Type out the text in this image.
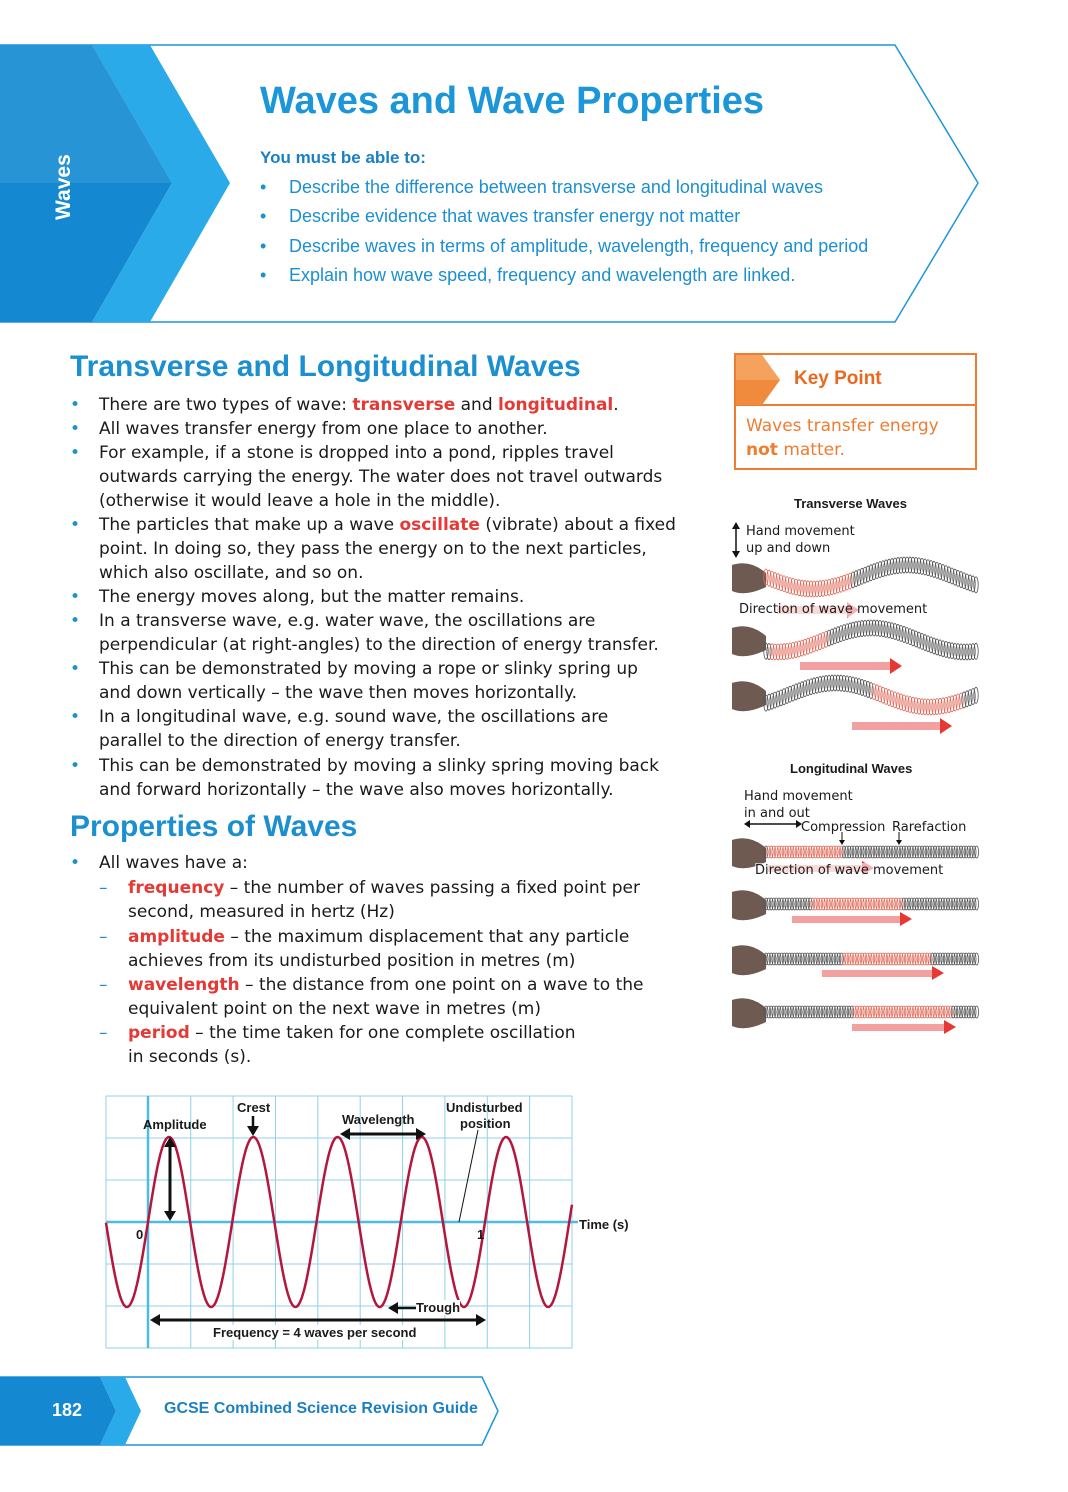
Waves
Waves and Wave Properties
You must be able to:
• Describe the difference between transverse and longitudinal waves
• Describe evidence that waves transfer energy not matter
• Describe waves in terms of amplitude, wavelength, frequency and period
• Explain how wave speed, frequency and wavelength are linked.
Transverse and Longitudinal Waves
• There are two types of wave: transverse and longitudinal.
• All waves transfer energy from one place to another.
• For example, if a stone is dropped into a pond, ripples travel
outwards carrying the energy. The water does not travel outwards
(otherwise it would leave a hole in the middle).
• The particles that make up a wave oscillate (vibrate) about a fixed
point. In doing so, they pass the energy on to the next particles,
which also oscillate, and so on.
• The energy moves along, but the matter remains.
• In a transverse wave, e.g. water wave, the oscillations are
perpendicular (at right-angles) to the direction of energy transfer.
• This can be demonstrated by moving a rope or slinky spring up
and down vertically – the wave then moves horizontally.
• In a longitudinal wave, e.g. sound wave, the oscillations are
parallel to the direction of energy transfer.
• This can be demonstrated by moving a slinky spring moving back
and forward horizontally – the wave also moves horizontally.
Properties of Waves
• All waves have a:
– frequency – the number of waves passing a fixed point per
second, measured in hertz (Hz)
– amplitude – the maximum displacement that any particle
achieves from its undisturbed position in metres (m)
– wavelength – the distance from one point on a wave to the
equivalent point on the next wave in metres (m)
– period – the time taken for one complete oscillation
in seconds (s).
Key Point
Waves transfer energy
not matter.
Transverse Waves
Hand movement
up and down
Direction of wave movement
Longitudinal Waves
Hand movement
in and out
Compression Rarefaction
Direction of wave movement
Amplitude
Crest
Wavelength
Undisturbed
position
Time (s)
0	1
Trough
Frequency = 4 waves per second
182	GCSE Combined Science Revision Guide
